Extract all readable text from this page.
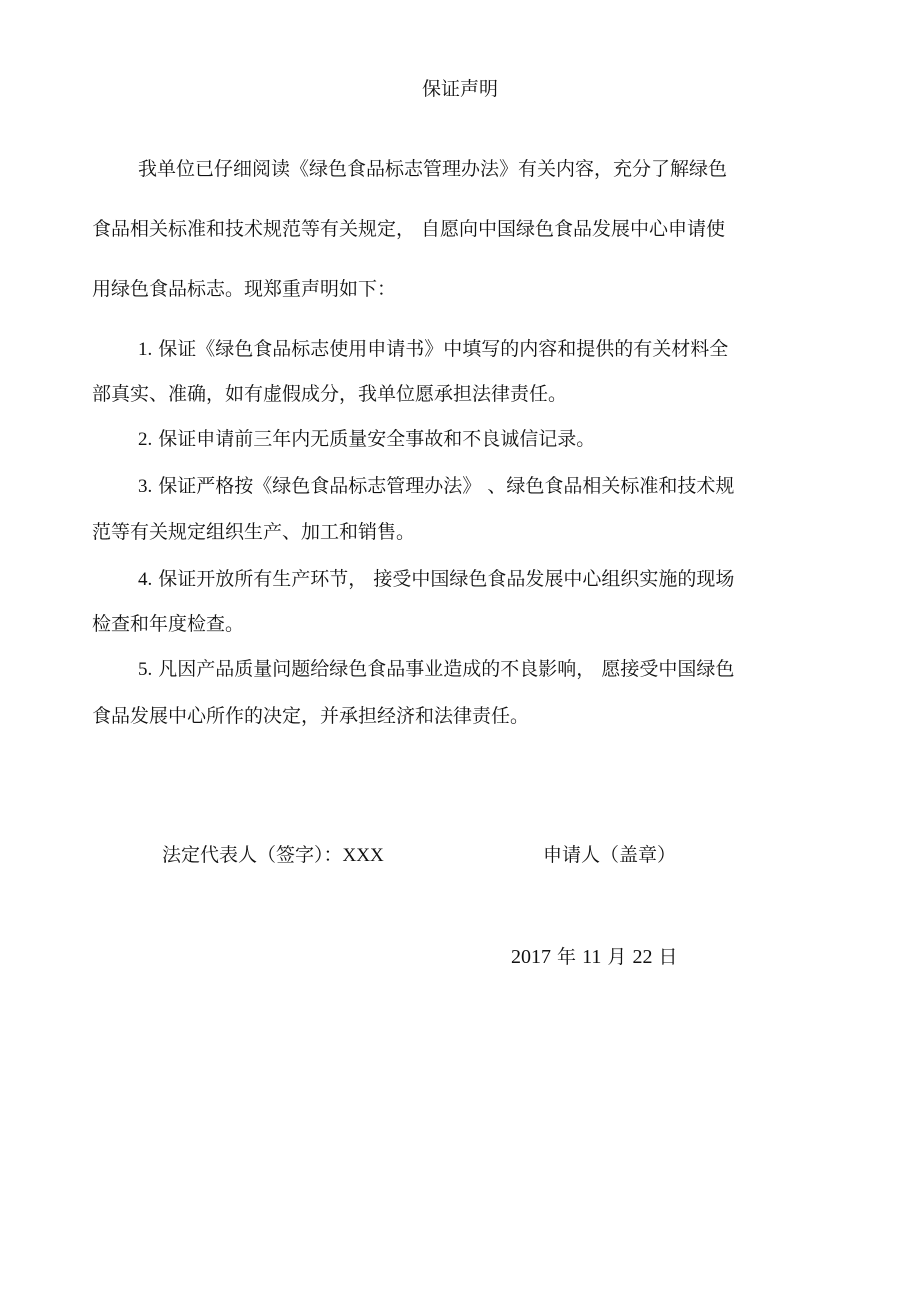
保证声明
我单位已仔细阅读《绿色食品标志管理办法》有关内容，充分了解绿色
食品相关标准和技术规范等有关规定， 自愿向中国绿色食品发展中心申请使
用绿色食品标志。现郑重声明如下：
1. 保证《绿色食品标志使用申请书》中填写的内容和提供的有关材料全
部真实、准确，如有虚假成分，我单位愿承担法律责任。
2. 保证申请前三年内无质量安全事故和不良诚信记录。
3. 保证严格按《绿色食品标志管理办法》 、绿色食品相关标准和技术规
范等有关规定组织生产、加工和销售。
4. 保证开放所有生产环节， 接受中国绿色食品发展中心组织实施的现场
检查和年度检查。
5. 凡因产品质量问题给绿色食品事业造成的不良影响， 愿接受中国绿色
食品发展中心所作的决定，并承担经济和法律责任。
法定代表人（签字）：XXX	申请人（盖章）
2017 年 11 月 22 日
